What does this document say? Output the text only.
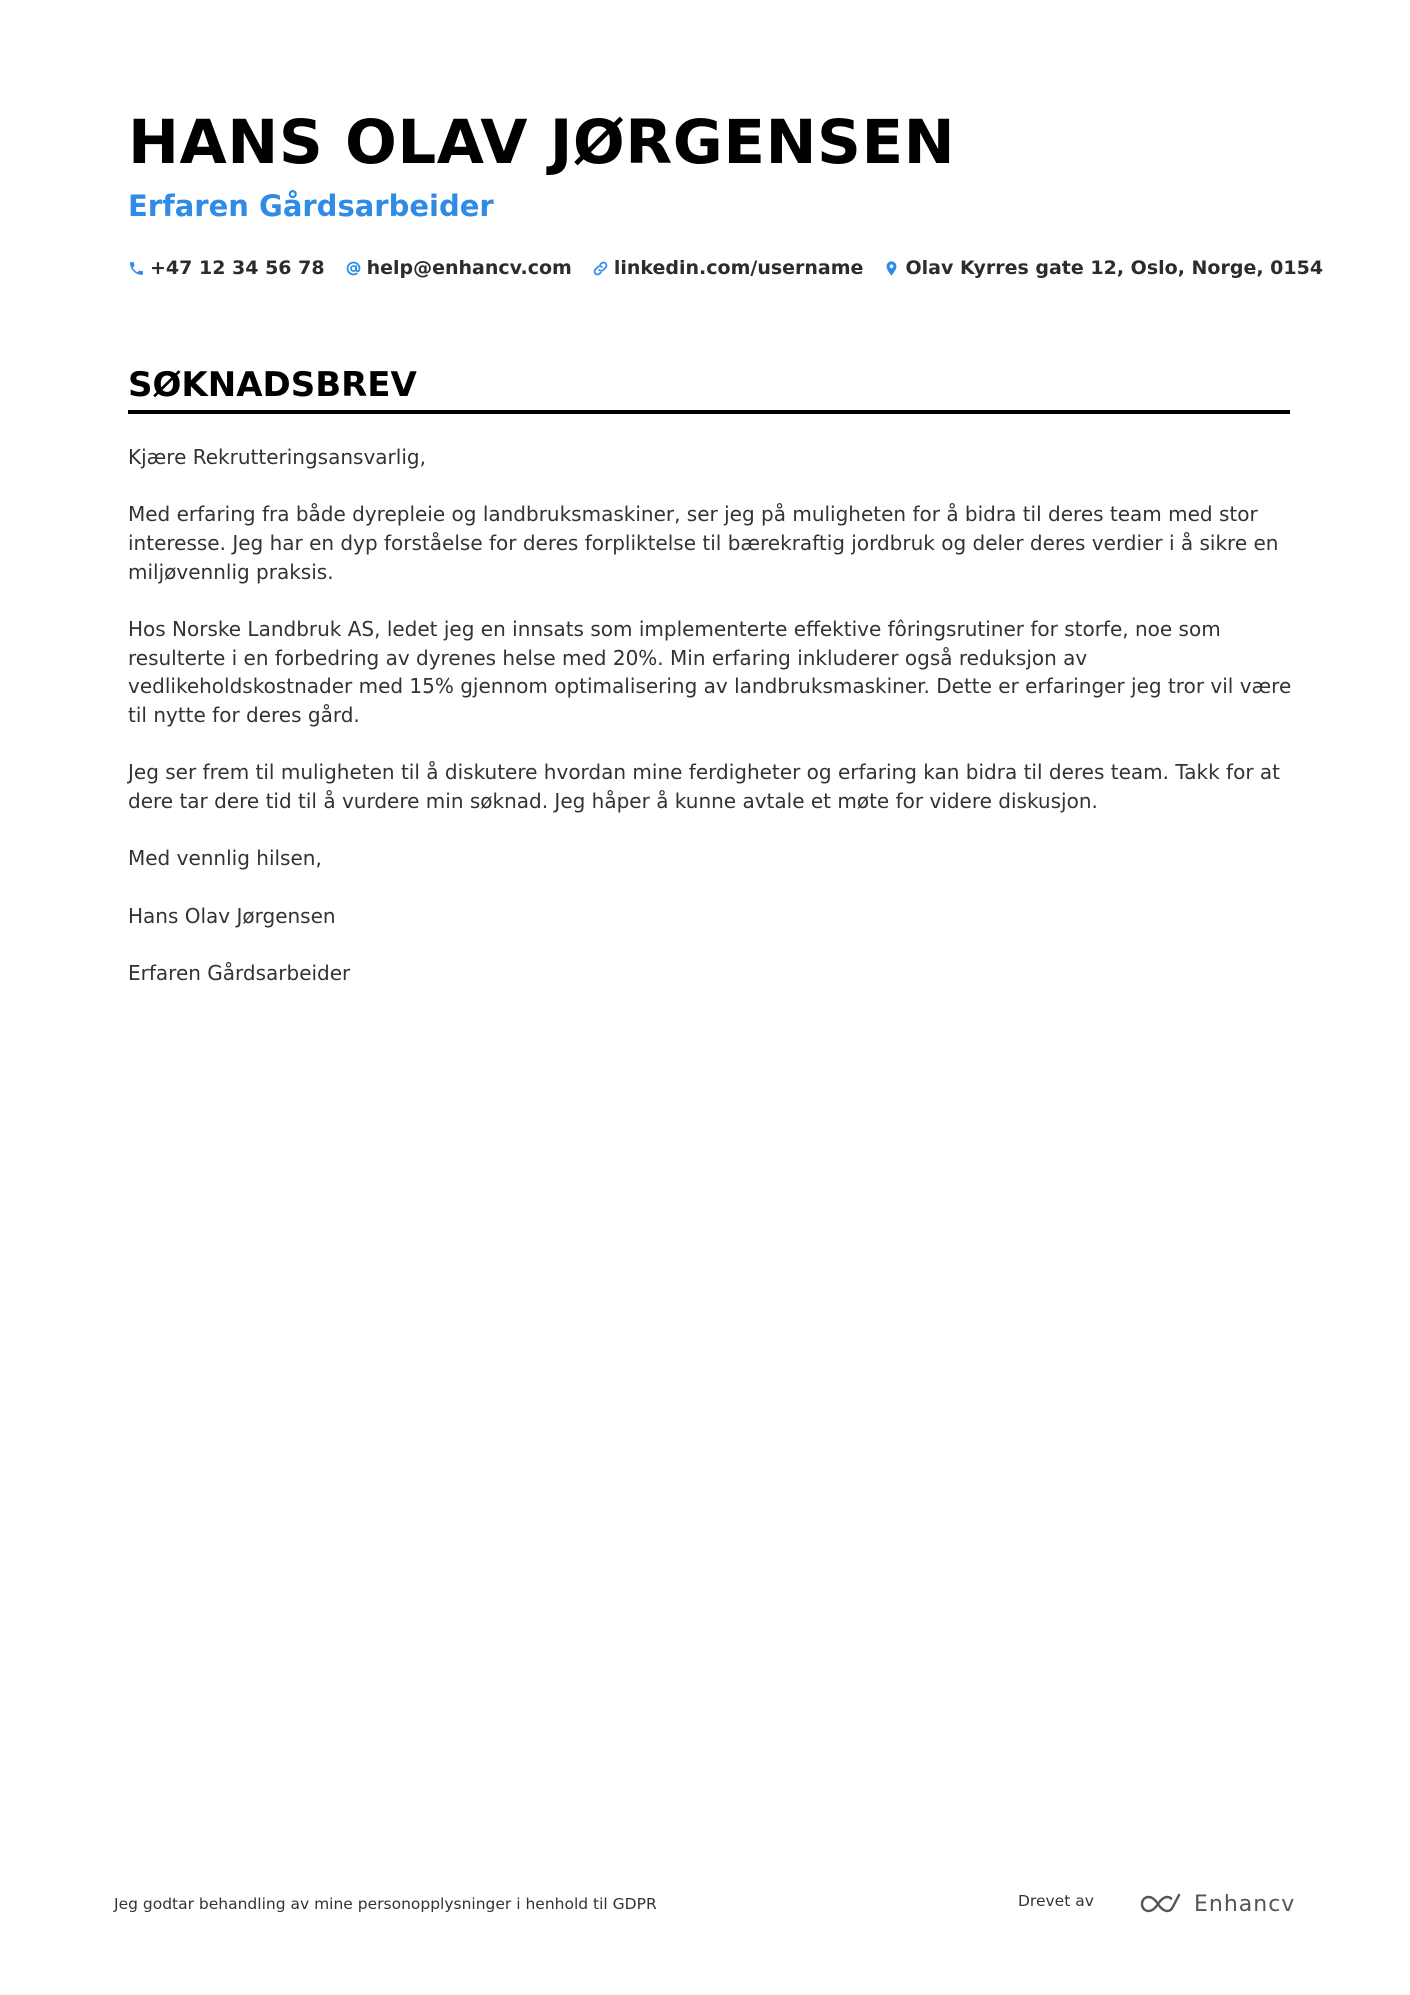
HANS OLAV JØRGENSEN
Erfaren Gårdsarbeider
+47 12 34 56 78 help@enhancv.com linkedin.com/username Olav Kyrres gate 12, Oslo, Norge, 0154
SØKNADSBREV

Kjære Rekrutteringsansvarlig,

Med erfaring fra både dyrepleie og landbruksmaskiner, ser jeg på muligheten for å bidra til deres team med stor interesse. Jeg har en dyp forståelse for deres forpliktelse til bærekraftig jordbruk og deler deres verdier i å sikre en miljøvennlig praksis.

Hos Norske Landbruk AS, ledet jeg en innsats som implementerte effektive fôringsrutiner for storfe, noe som resulterte i en forbedring av dyrenes helse med 20%. Min erfaring inkluderer også reduksjon av vedlikeholdskostnader med 15% gjennom optimalisering av landbruksmaskiner. Dette er erfaringer jeg tror vil være til nytte for deres gård.

Jeg ser frem til muligheten til å diskutere hvordan mine ferdigheter og erfaring kan bidra til deres team. Takk for at dere tar dere tid til å vurdere min søknad. Jeg håper å kunne avtale et møte for videre diskusjon.

Med vennlig hilsen,

Hans Olav Jørgensen

Erfaren Gårdsarbeider

Jeg godtar behandling av mine personopplysninger i henhold til GDPR	Drevet av	Enhancv
